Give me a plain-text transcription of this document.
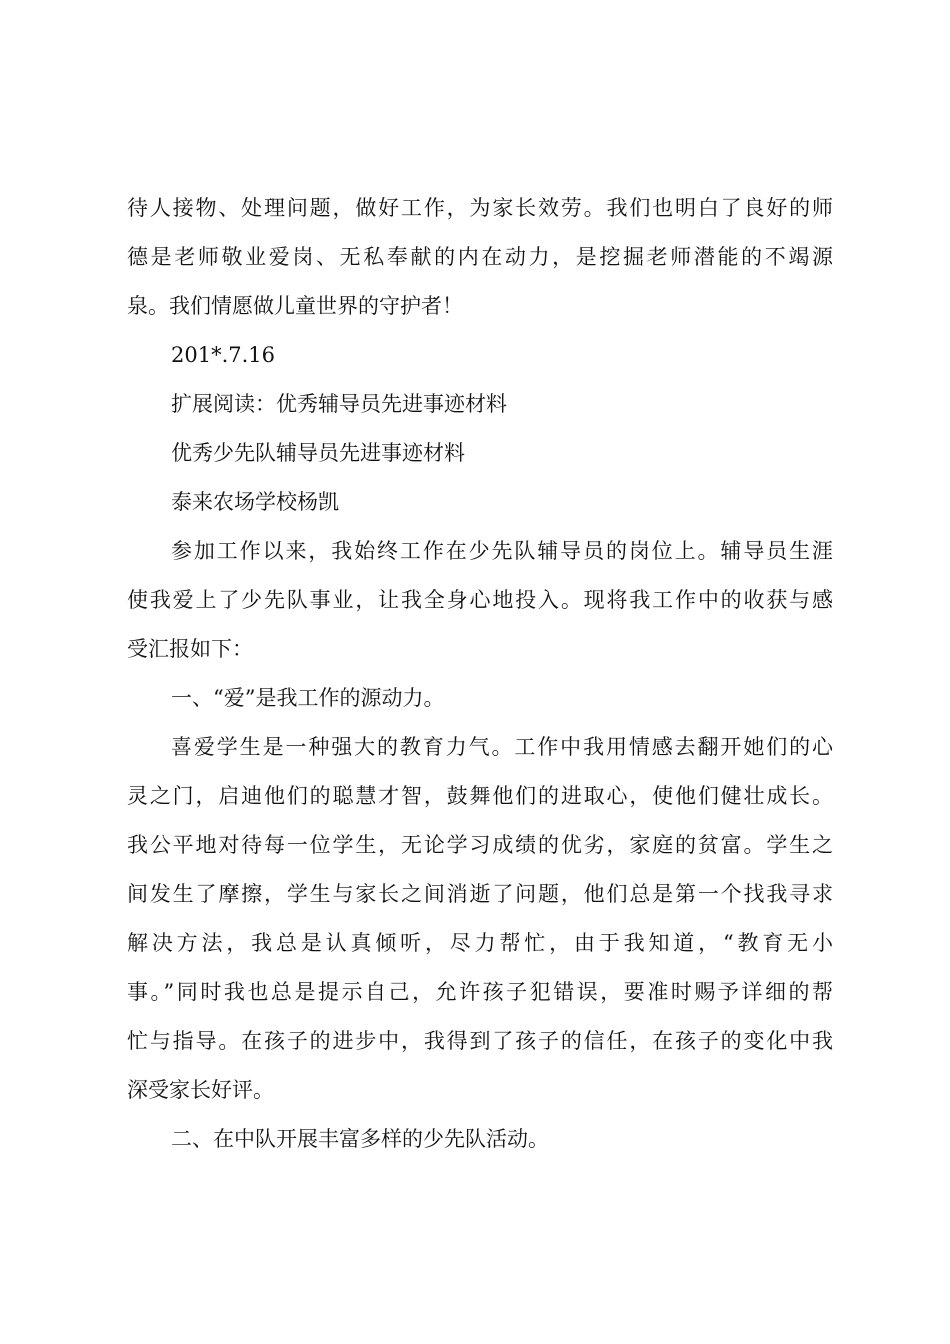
待人接物、处理问题，做好工作，为家长效劳。我们也明白了良好的师
德是老师敬业爱岗、无私奉献的内在动力，是挖掘老师潜能的不竭源
泉。我们情愿做儿童世界的守护者！
201*.7.16
扩展阅读：优秀辅导员先进事迹材料
优秀少先队辅导员先进事迹材料
泰来农场学校杨凯
参加工作以来，我始终工作在少先队辅导员的岗位上。辅导员生涯
使我爱上了少先队事业，让我全身心地投入。现将我工作中的收获与感
受汇报如下：
一、“爱”是我工作的源动力。
喜爱学生是一种强大的教育力气。工作中我用情感去翻开她们的心
灵之门，启迪他们的聪慧才智，鼓舞他们的进取心，使他们健壮成长。
我公平地对待每一位学生，无论学习成绩的优劣，家庭的贫富。学生之
间发生了摩擦，学生与家长之间消逝了问题，他们总是第一个找我寻求
解决方法，我总是认真倾听，尽力帮忙，由于我知道，“教育无小
事。”同时我也总是提示自己，允许孩子犯错误，要准时赐予详细的帮
忙与指导。在孩子的进步中，我得到了孩子的信任，在孩子的变化中我
深受家长好评。
二、在中队开展丰富多样的少先队活动。
